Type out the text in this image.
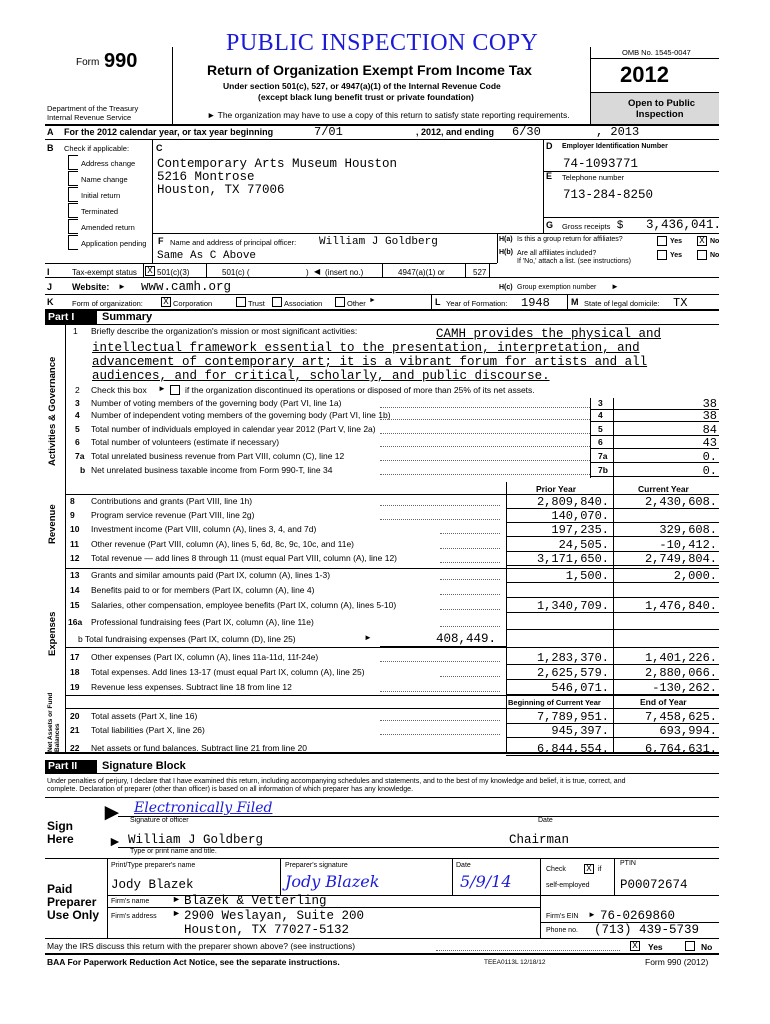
PUBLIC INSPECTION COPY
Form 990	Return of Organization Exempt From Income Tax
Under section 501(c), 527, or 4947(a)(1) of the Internal Revenue Code
(except black lung benefit trust or private foundation)
► The organization may have to use a copy of this return to satisfy state reporting requirements.
Department of the Treasury
Internal Revenue Service
OMB No. 1545-0047
2012
Open to Public
Inspection
A For the 2012 calendar year, or tax year beginning	7/01	, 2012, and ending 6/30	, 2013
B Check if applicable:
Address change
Name change
Initial return
Terminated
Amended return
Application pending
C
Contemporary Arts Museum Houston
5216 Montrose
Houston, TX 77006
D Employer Identification Number
74-1093771
E Telephone number
713-284-8250
G Gross receipts $ 3,436,041.
F Name and address of principal officer: William J Goldberg
Same As C Above
H(a) Is this a group return for affiliates?	Yes X No
H(b) Are all affiliates included?
If 'No,' attach a list. (see instructions)
Yes	No
I	Tax-exempt status X 501(c)(3)	501(c) (	) ◀ (insert no.)	4947(a)(1) or	527
J Website: ► www.camh.org	H(c) Group exemption number ►
K Form of organization: X Corporation	Trust	Association	Other ►	L Year of Formation: 1948 M State of legal domicile: TX
Part I	Summary
Activities & Governance
Revenue
Expenses
Net Assets or Fund Balances
1 Briefly describe the organization's mission or most significant activities:	CAMH provides the physical and
intellectual framework essential to the presentation, interpretation, and
advancement of contemporary art; it is a vibrant forum for artists and all
audiences, and for critical, scholarly, and public discourse.
2 Check this box ► if the organization discontinued its operations or disposed of more than 25% of its net assets.
3 Number of voting members of the governing body (Part VI, line 1a)	3	38
4 Number of independent voting members of the governing body (Part VI, line 1b)	4	38
5 Total number of individuals employed in calendar year 2012 (Part V, line 2a)	5	84
6 Total number of volunteers (estimate if necessary)	6	43
7a Total unrelated business revenue from Part VIII, column (C), line 12	7a	0.
b Net unrelated business taxable income from Form 990-T, line 34	7b	0.
Prior Year	Current Year
8 Contributions and grants (Part VIII, line 1h)	2,809,840.	2,430,608.
9 Program service revenue (Part VIII, line 2g)	140,070.
10 Investment income (Part VIII, column (A), lines 3, 4, and 7d)	197,235.	329,608.
11 Other revenue (Part VIII, column (A), lines 5, 6d, 8c, 9c, 10c, and 11e)	24,505.	-10,412.
12 Total revenue — add lines 8 through 11 (must equal Part VIII, column (A), line 12)	3,171,650.	2,749,804.
13 Grants and similar amounts paid (Part IX, column (A), lines 1-3)	1,500.	2,000.
14 Benefits paid to or for members (Part IX, column (A), line 4)
15 Salaries, other compensation, employee benefits (Part IX, column (A), lines 5-10)	1,340,709.	1,476,840.
16a Professional fundraising fees (Part IX, column (A), line 11e)
b Total fundraising expenses (Part IX, column (D), line 25)	►	408,449.
17 Other expenses (Part IX, column (A), lines 11a-11d, 11f-24e)	1,283,370.	1,401,226.
18 Total expenses. Add lines 13-17 (must equal Part IX, column (A), line 25)	2,625,579.	2,880,066.
19 Revenue less expenses. Subtract line 18 from line 12	546,071.	-130,262.
Beginning of Current Year	End of Year
20 Total assets (Part X, line 16)	7,789,951.	7,458,625.
21 Total liabilities (Part X, line 26)	945,397.	693,994.
22 Net assets or fund balances. Subtract line 21 from line 20	6,844,554.	6,764,631.
Part II	Signature Block
Under penalties of perjury, I declare that I have examined this return, including accompanying schedules and statements, and to the best of my knowledge and belief, it is true, correct, and
complete. Declaration of preparer (other than officer) is based on all information of which preparer has any knowledge.
Sign
Here
► Electronically Filed
Signature of officer	Date
► William J Goldberg	Chairman
Type or print name and title.
Paid
Preparer
Use Only
Print/Type preparer's name	Preparer's signature	Date
Check X if
self-employed
PTIN
Jody Blazek	Jody Blazek	5/9/14	P00072674
Firm's name	► Blazek & Vetterling
Firm's address ► 2900 Weslayan, Suite 200
Houston, TX 77027-5132
Firm's EIN ► 76-0269860
Phone no. (713) 439-5739
May the IRS discuss this return with the preparer shown above? (see instructions)	X Yes	No
BAA For Paperwork Reduction Act Notice, see the separate instructions.	TEEA0113L 12/18/12	Form 990 (2012)
